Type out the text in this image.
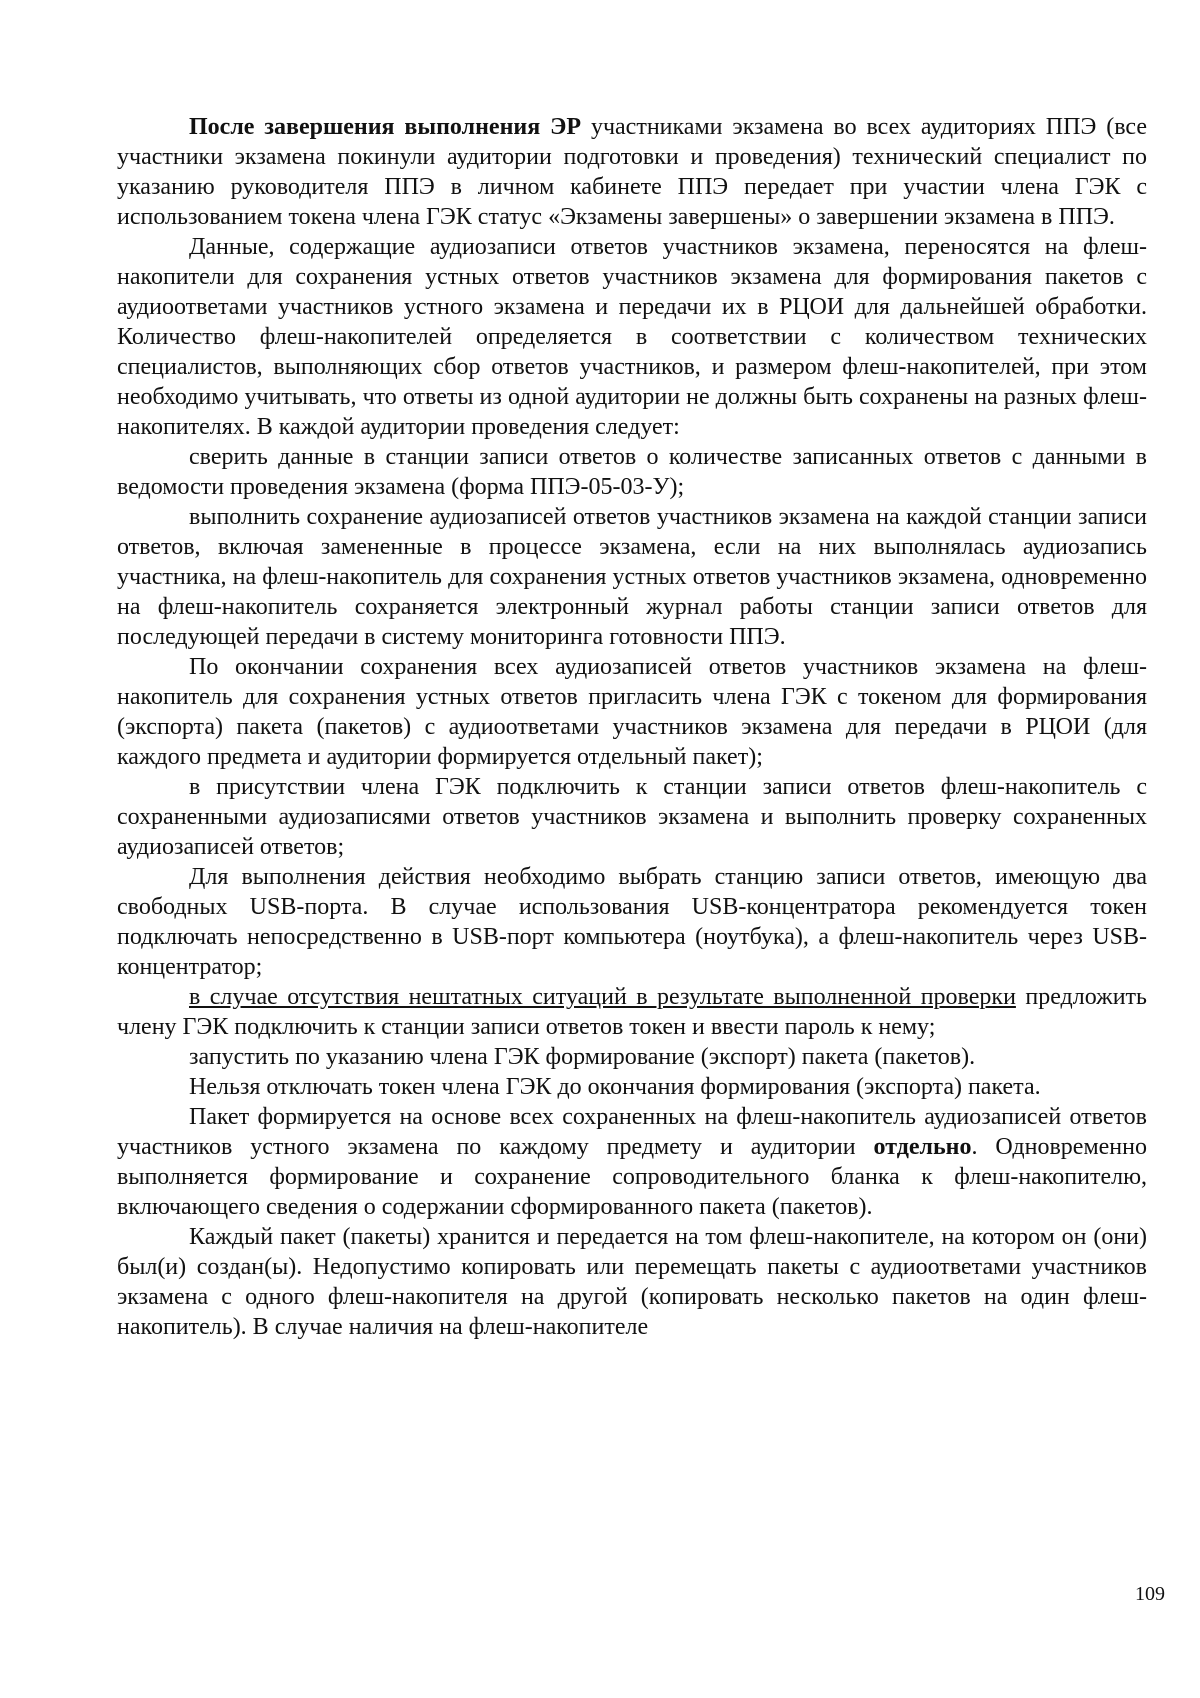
После завершения выполнения ЭР участниками экзамена во всех аудиториях ППЭ (все участники экзамена покинули аудитории подготовки и проведения) технический специалист по указанию руководителя ППЭ в личном кабинете ППЭ передает при участии члена ГЭК с использованием токена члена ГЭК статус «Экзамены завершены» о завершении экзамена в ППЭ.

Данные, содержащие аудиозаписи ответов участников экзамена, переносятся на флеш-накопители для сохранения устных ответов участников экзамена для формирования пакетов с аудиоответами участников устного экзамена и передачи их в РЦОИ для дальнейшей обработки. Количество флеш-накопителей определяется в соответствии с количеством технических специалистов, выполняющих сбор ответов участников, и размером флеш-накопителей, при этом необходимо учитывать, что ответы из одной аудитории не должны быть сохранены на разных флеш-накопителях. В каждой аудитории проведения следует:

сверить данные в станции записи ответов о количестве записанных ответов с данными в ведомости проведения экзамена (форма ППЭ-05-03-У);

выполнить сохранение аудиозаписей ответов участников экзамена на каждой станции записи ответов, включая замененные в процессе экзамена, если на них выполнялась аудиозапись участника, на флеш-накопитель для сохранения устных ответов участников экзамена, одновременно на флеш-накопитель сохраняется электронный журнал работы станции записи ответов для последующей передачи в систему мониторинга готовности ППЭ.

По окончании сохранения всех аудиозаписей ответов участников экзамена на флеш-накопитель для сохранения устных ответов пригласить члена ГЭК с токеном для формирования (экспорта) пакета (пакетов) с аудиоответами участников экзамена для передачи в РЦОИ (для каждого предмета и аудитории формируется отдельный пакет);

в присутствии члена ГЭК подключить к станции записи ответов флеш-накопитель с сохраненными аудиозаписями ответов участников экзамена и выполнить проверку сохраненных аудиозаписей ответов;

Для выполнения действия необходимо выбрать станцию записи ответов, имеющую два свободных USB-порта. В случае использования USB-концентратора рекомендуется токен подключать непосредственно в USB-порт компьютера (ноутбука), а флеш-накопитель через USB-концентратор;

в случае отсутствия нештатных ситуаций в результате выполненной проверки предложить члену ГЭК подключить к станции записи ответов токен и ввести пароль к нему;

запустить по указанию члена ГЭК формирование (экспорт) пакета (пакетов).

Нельзя отключать токен члена ГЭК до окончания формирования (экспорта) пакета.

Пакет формируется на основе всех сохраненных на флеш-накопитель аудиозаписей ответов участников устного экзамена по каждому предмету и аудитории отдельно. Одновременно выполняется формирование и сохранение сопроводительного бланка к флеш-накопителю, включающего сведения о содержании сформированного пакета (пакетов).

Каждый пакет (пакеты) хранится и передается на том флеш-накопителе, на котором он (они) был(и) создан(ы). Недопустимо копировать или перемещать пакеты с аудиоответами участников экзамена с одного флеш-накопителя на другой (копировать несколько пакетов на один флеш-накопитель). В случае наличия на флеш-накопителе

109
